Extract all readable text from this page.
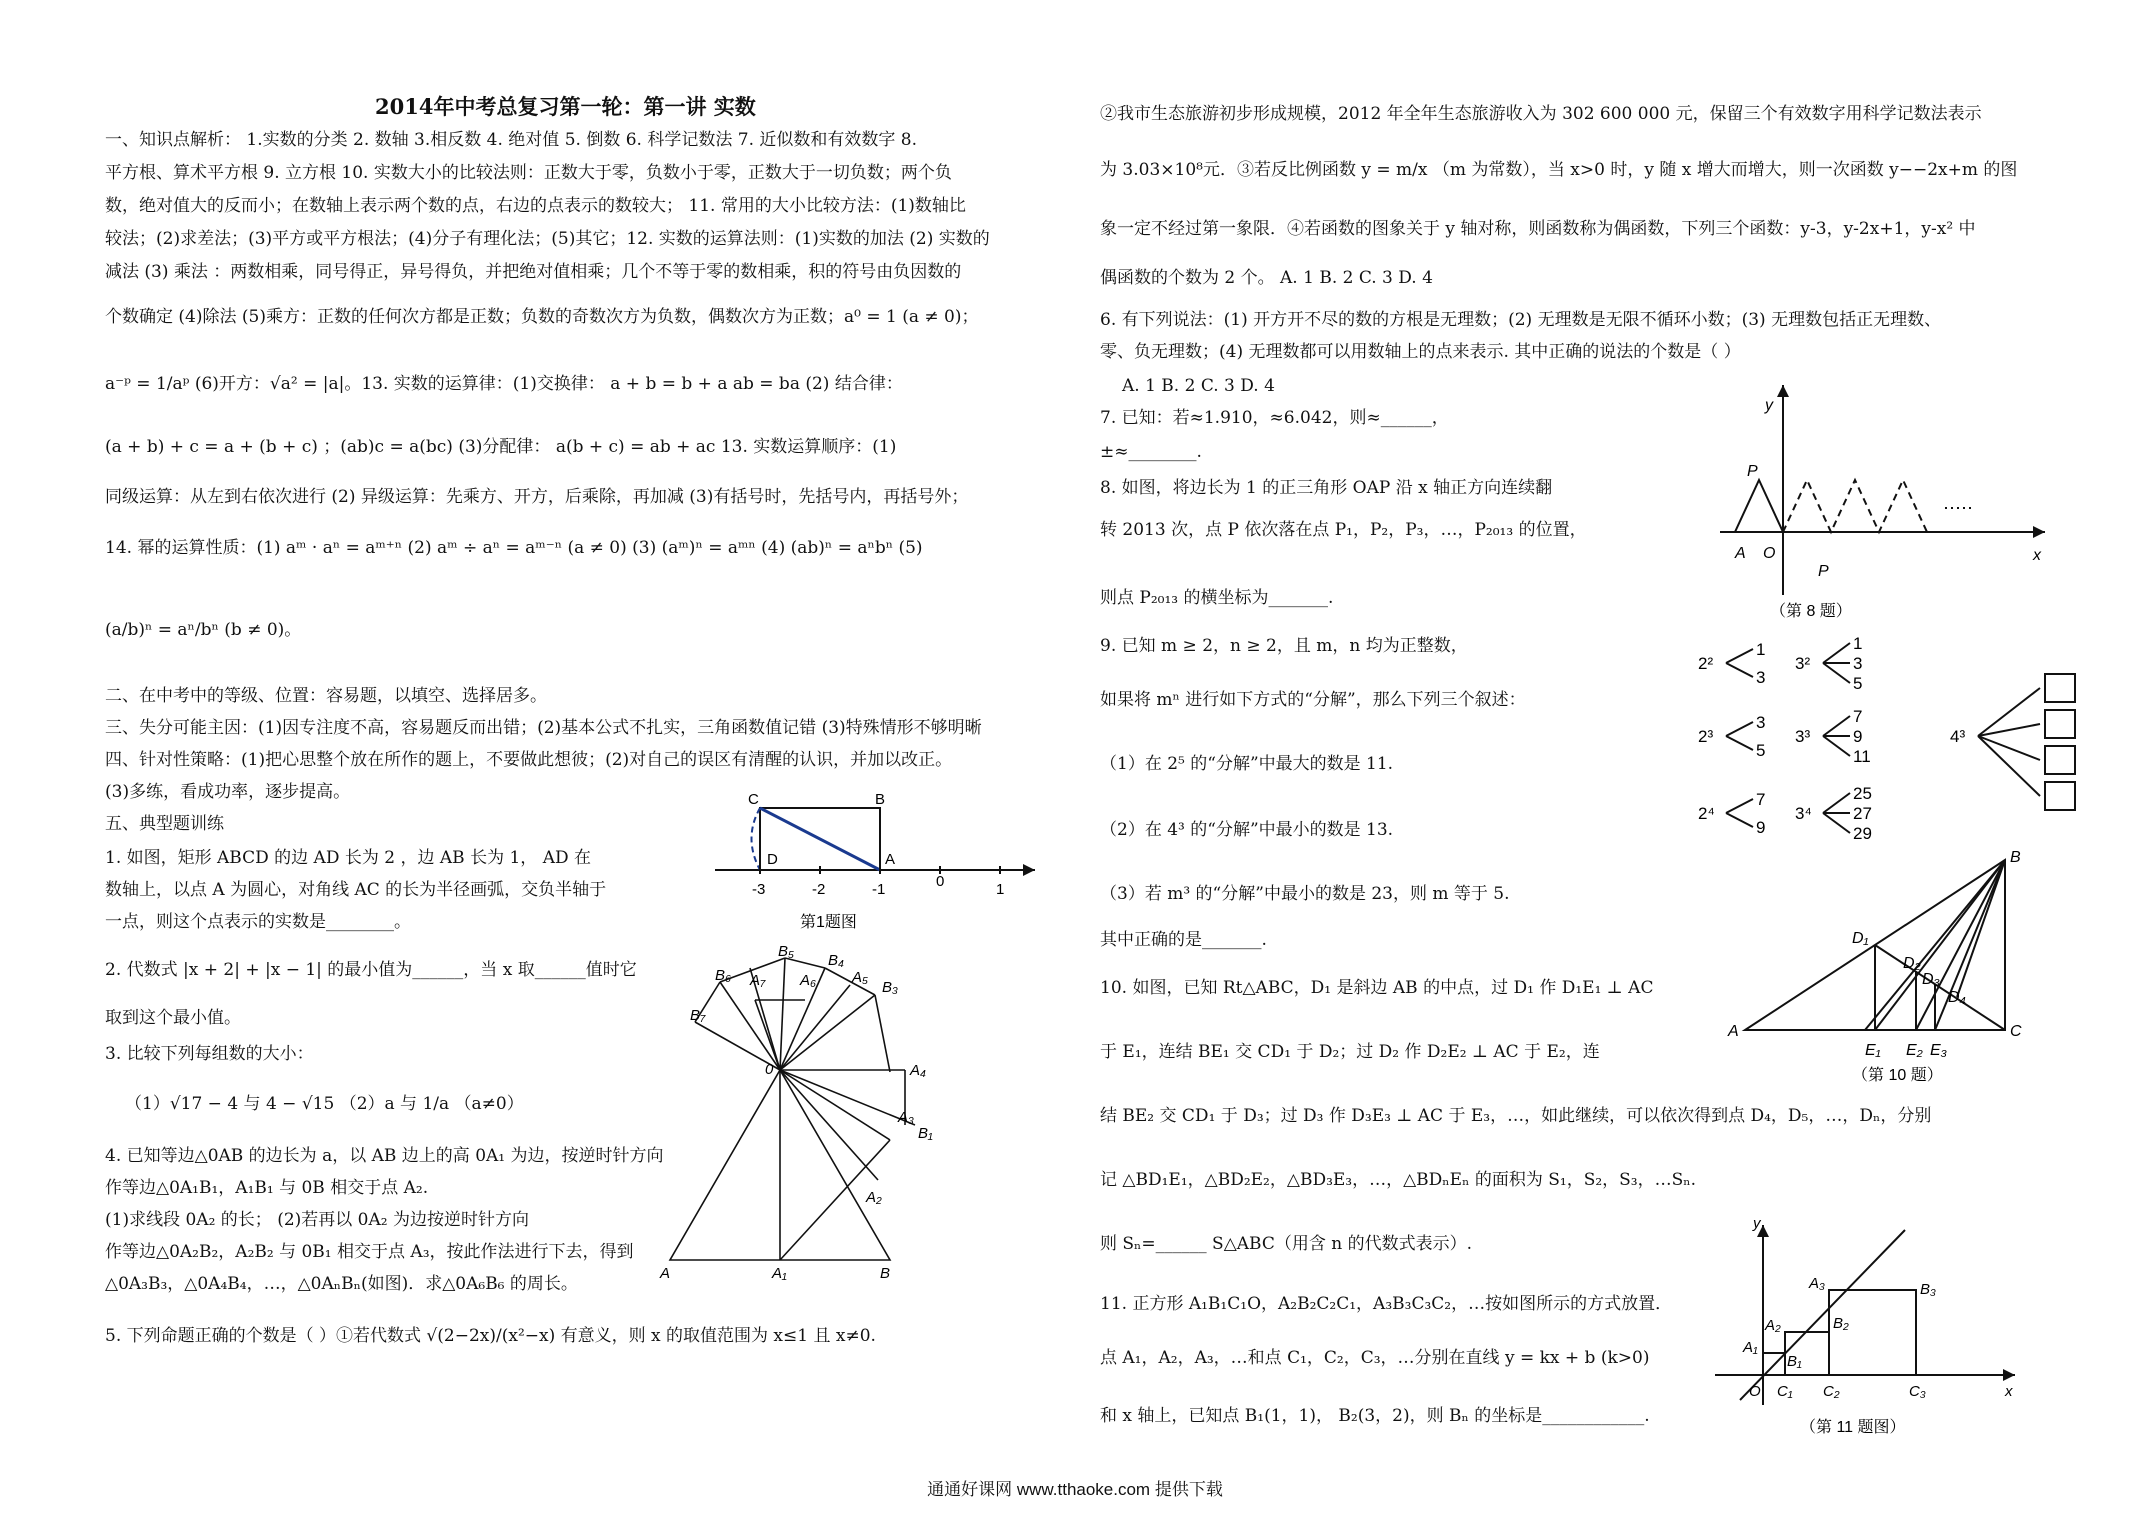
2014年中考总复习第一轮：第一讲 实数
一、知识点解析： 1.实数的分类 2. 数轴 3.相反数 4. 绝对值 5. 倒数 6. 科学记数法 7. 近似数和有效数字 8.
平方根、算术平方根 9. 立方根 10. 实数大小的比较法则：正数大于零，负数小于零，正数大于一切负数；两个负
数，绝对值大的反而小；在数轴上表示两个数的点，右边的点表示的数较大； 11. 常用的大小比较方法：(1)数轴比
较法；(2)求差法；(3)平方或平方根法；(4)分子有理化法；(5)其它；12. 实数的运算法则：(1)实数的加法 (2) 实数的
减法 (3) 乘法 ：两数相乘，同号得正，异号得负，并把绝对值相乘；几个不等于零的数相乘，积的符号由负因数的
个数确定 (4)除法 (5)乘方：正数的任何次方都是正数；负数的奇数次方为负数，偶数次方为正数；a⁰ = 1 (a ≠ 0)；
a⁻ᵖ = 1/aᵖ (6)开方：√a² = |a|。13. 实数的运算律：(1)交换律： a + b = b + a ab = ba (2) 结合律：
(a + b) + c = a + (b + c) ；(ab)c = a(bc) (3)分配律： a(b + c) = ab + ac 13. 实数运算顺序：(1)
同级运算：从左到右依次进行 (2) 异级运算：先乘方、开方，后乘除，再加减 (3)有括号时，先括号内，再括号外；
14. 幂的运算性质：(1) aᵐ · aⁿ = aᵐ⁺ⁿ (2) aᵐ ÷ aⁿ = aᵐ⁻ⁿ (a ≠ 0) (3) (aᵐ)ⁿ = aᵐⁿ (4) (ab)ⁿ = aⁿbⁿ (5)
(a/b)ⁿ = aⁿ/bⁿ (b ≠ 0)。
二、在中考中的等级、位置：容易题，以填空、选择居多。
三、失分可能主因：(1)因专注度不高，容易题反而出错；(2)基本公式不扎实，三角函数值记错 (3)特殊情形不够明晰
四、针对性策略：(1)把心思整个放在所作的题上，不要做此想彼；(2)对自己的误区有清醒的认识，并加以改正。
(3)多练，看成功率，逐步提高。
五、典型题训练
1. 如图，矩形 ABCD 的边 AD 长为 2 ，边 AB 长为 1， AD 在
数轴上，以点 A 为圆心，对角线 AC 的长为半径画弧，交负半轴于
一点，则这个点表示的实数是________。
2. 代数式 |x + 2| + |x − 1| 的最小值为______，当 x 取______值时它
取到这个最小值。
3. 比较下列每组数的大小：
（1）√17 − 4 与 4 − √15 （2）a 与 1/a （a≠0）
4. 已知等边△0AB 的边长为 a，以 AB 边上的高 0A₁ 为边，按逆时针方向
作等边△0A₁B₁，A₁B₁ 与 0B 相交于点 A₂.
(1)求线段 0A₂ 的长； (2)若再以 0A₂ 为边按逆时针方向
作等边△0A₂B₂，A₂B₂ 与 0B₁ 相交于点 A₃，按此作法进行下去，得到
△0A₃B₃，△0A₄B₄，…，△0AₙBₙ(如图)．求△0A₆B₆ 的周长。
5. 下列命题正确的个数是（ ）①若代数式 √(2−2x)/(x²−x) 有意义，则 x 的取值范围为 x≤1 且 x≠0.
C	B
D	A
-3	-2	-1	0	1
第1题图
A	A₁	B
A₂
B₁
A₃
A₄
B₃
A₅
B₄
A₆
B₅
A₇
B₆
B₇
0
②我市生态旅游初步形成规模，2012 年全年生态旅游收入为 302 600 000 元，保留三个有效数字用科学记数法表示
为 3.03×10⁸元．③若反比例函数 y = m/x （m 为常数），当 x>0 时，y 随 x 增大而增大，则一次函数 y−−2x+m 的图
象一定不经过第一象限．④若函数的图象关于 y 轴对称，则函数称为偶函数，下列三个函数：y-3，y-2x+1，y-x² 中
偶函数的个数为 2 个。 A. 1 B. 2 C. 3 D. 4
6. 有下列说法：(1) 开方开不尽的数的方根是无理数；(2) 无理数是无限不循环小数；(3) 无理数包括正无理数、
零、负无理数；(4) 无理数都可以用数轴上的点来表示. 其中正确的说法的个数是（ ）
A. 1 B. 2 C. 3 D. 4
7. 已知：若≈1.910，≈6.042，则≈______，
±≈________.
8. 如图，将边长为 1 的正三角形 OAP 沿 x 轴正方向连续翻
转 2013 次，点 P 依次落在点 P₁，P₂，P₃，…，P₂₀₁₃ 的位置，
则点 P₂₀₁₃ 的横坐标为_______.
9. 已知 m ≥ 2，n ≥ 2，且 m，n 均为正整数，
如果将 mⁿ 进行如下方式的“分解”，那么下列三个叙述：
（1）在 2⁵ 的“分解”中最大的数是 11.
（2）在 4³ 的“分解”中最小的数是 13.
（3）若 m³ 的“分解”中最小的数是 23，则 m 等于 5.
其中正确的是_______.
10. 如图，已知 Rt△ABC，D₁ 是斜边 AB 的中点，过 D₁ 作 D₁E₁ ⊥ AC
于 E₁，连结 BE₁ 交 CD₁ 于 D₂；过 D₂ 作 D₂E₂ ⊥ AC 于 E₂，连
结 BE₂ 交 CD₁ 于 D₃；过 D₃ 作 D₃E₃ ⊥ AC 于 E₃，…，如此继续，可以依次得到点 D₄，D₅，…，Dₙ，分别
记 △BD₁E₁，△BD₂E₂，△BD₃E₃，…，△BDₙEₙ 的面积为 S₁，S₂，S₃，…Sₙ.
则 Sₙ=______ S△ABC（用含 n 的代数式表示）.
11. 正方形 A₁B₁C₁O，A₂B₂C₂C₁，A₃B₃C₃C₂，…按如图所示的方式放置．
点 A₁，A₂，A₃，…和点 C₁，C₂，C₃，…分别在直线 y = kx + b (k>0)
和 x 轴上，已知点 B₁(1，1)， B₂(3，2)，则 Bₙ 的坐标是____________.
y
A O
P
P
x
（第 8 题）
2²
1
3
3²
1
3
5
2³
3
5
3³
7
9
11
4³
2⁴
7
9
3⁴
25
27
29
A	C
B
D₁
D₂
D₃
D₄
E₁ E₂ E₃
（第 10 题）
y
x
O
A₁
B₁
A₂	B₂
A₃	B₃
C₁ C₂	C₃
（第 11 题图）
通通好课网 www.tthaoke.com 提供下载
